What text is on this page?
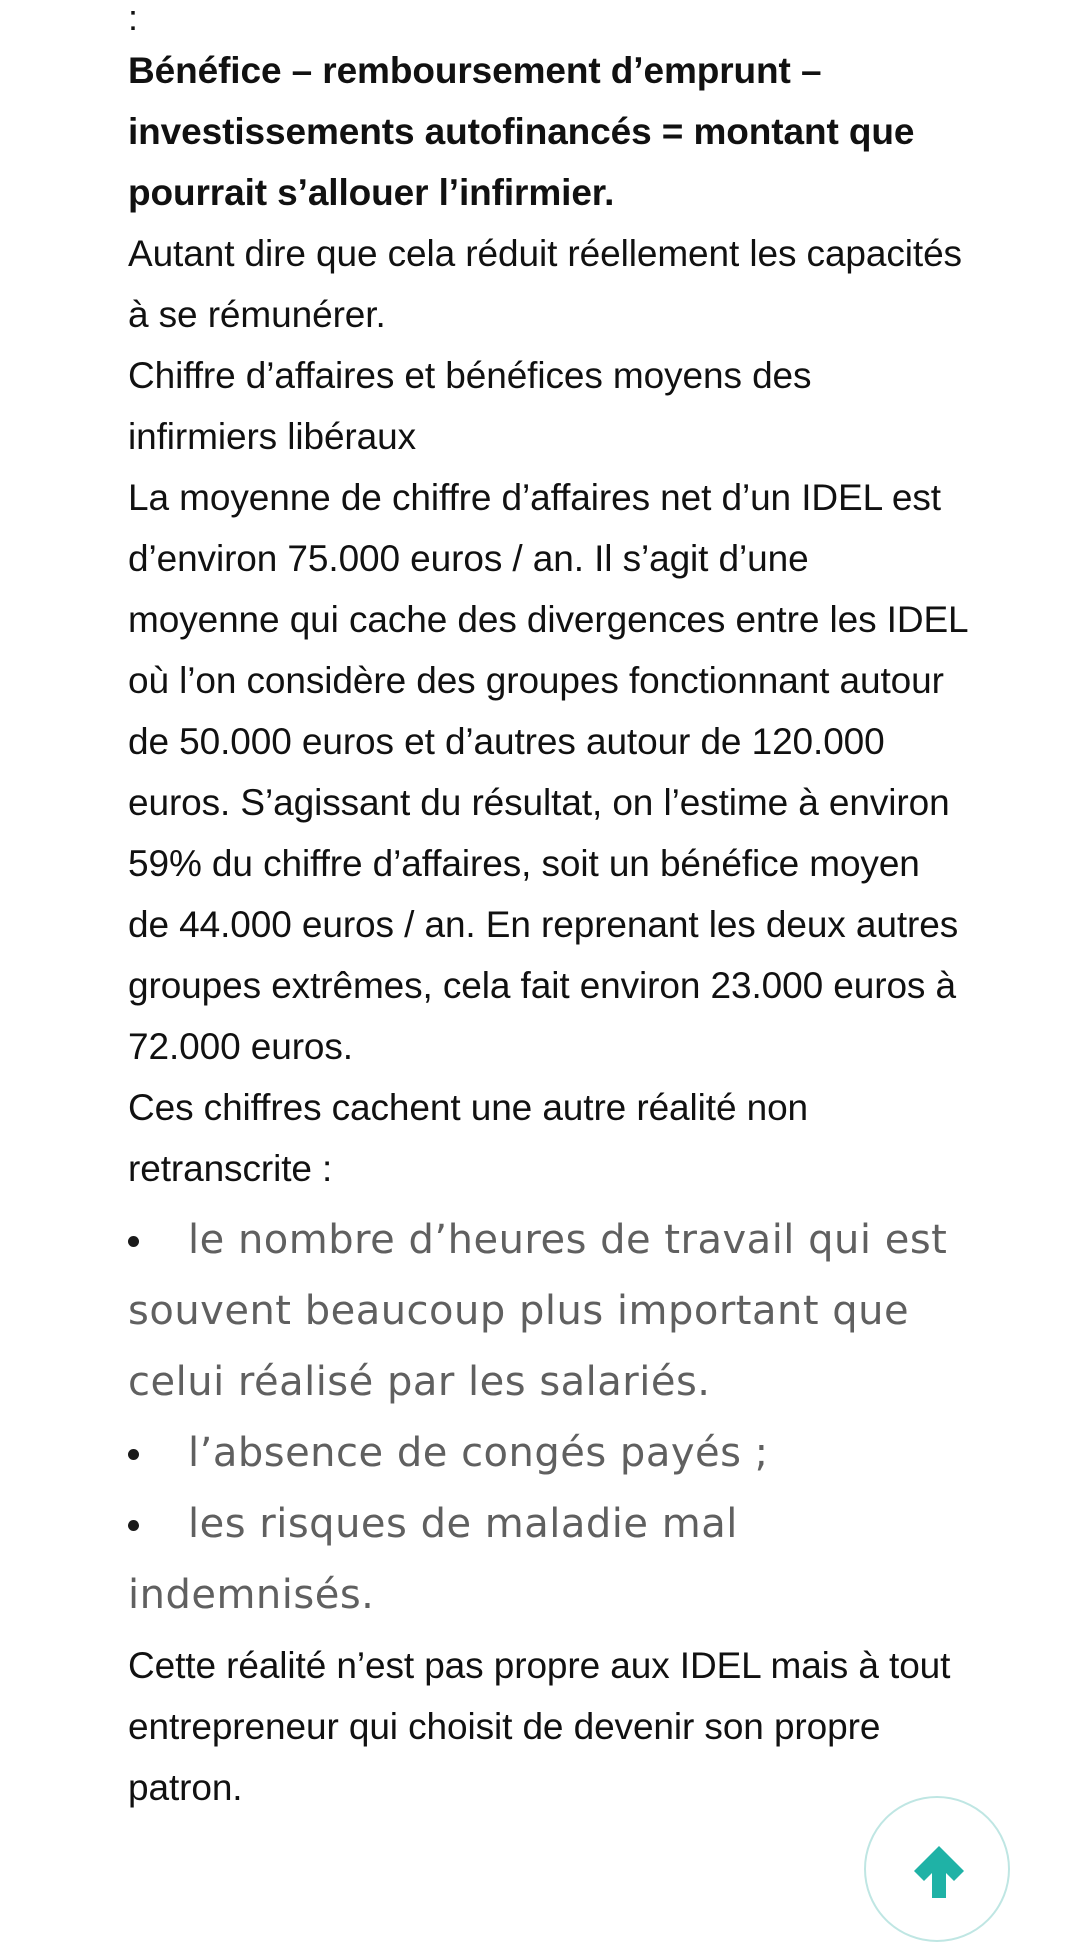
:

Bénéfice – remboursement d’emprunt – investissements autofinancés = montant que pourrait s’allouer l’infirmier.

Autant dire que cela réduit réellement les capacités à se rémunérer.

Chiffre d’affaires et bénéfices moyens des infirmiers libéraux

La moyenne de chiffre d’affaires net d’un IDEL est d’environ 75.000 euros / an. Il s’agit d’une moyenne qui cache des divergences entre les IDEL où l’on considère des groupes fonctionnant autour de 50.000 euros et d’autres autour de 120.000 euros. S’agissant du résultat, on l’estime à environ 59% du chiffre d’affaires, soit un bénéfice moyen de 44.000 euros / an. En reprenant les deux autres groupes extrêmes, cela fait environ 23.000 euros à 72.000 euros.

Ces chiffres cachent une autre réalité non retranscrite :

le nombre d’heures de travail qui est souvent beaucoup plus important que celui réalisé par les salariés.
l’absence de congés payés ;
les risques de maladie mal indemnisés.

Cette réalité n’est pas propre aux IDEL mais à tout entrepreneur qui choisit de devenir son propre patron.
